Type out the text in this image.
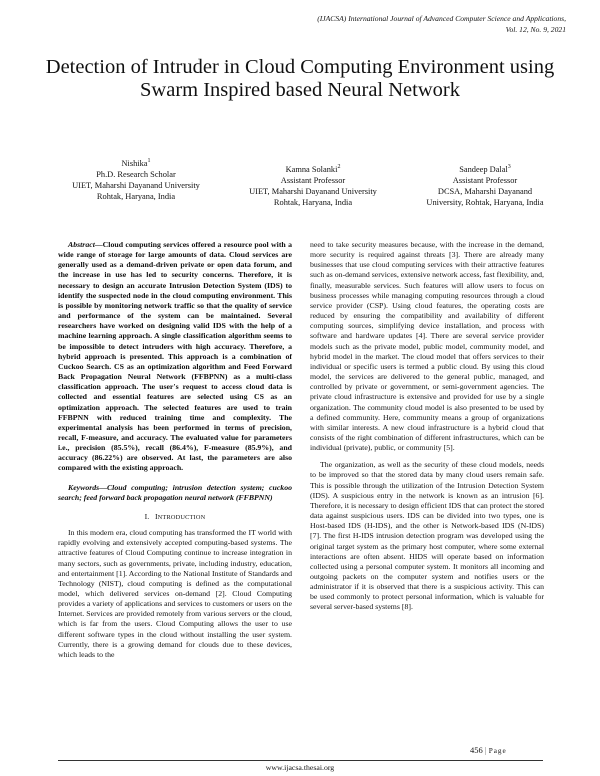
(IJACSA) International Journal of Advanced Computer Science and Applications,
Vol. 12, No. 9, 2021
Detection of Intruder in Cloud Computing Environment using Swarm Inspired based Neural Network
Nishika$^1$
Ph.D. Research Scholar
UIET, Maharshi Dayanand University
Rohtak, Haryana, India
Kamna Solanki$^2$
Assistant Professor
UIET, Maharshi Dayanand University
Rohtak, Haryana, India
Sandeep Dalal$^3$
Assistant Professor
DCSA, Maharshi Dayanand
University, Rohtak, Haryana, India

Abstract—Cloud computing services offered a resource pool with a wide range of storage for large amounts of data. Cloud services are generally used as a demand-driven private or open data forum, and the increase in use has led to security concerns. Therefore, it is necessary to design an accurate Intrusion Detection System (IDS) to identify the suspected node in the cloud computing environment. This is possible by monitoring network traffic so that the quality of service and performance of the system can be maintained. Several researchers have worked on designing valid IDS with the help of a machine learning approach. A single classification algorithm seems to be impossible to detect intruders with high accuracy. Therefore, a hybrid approach is presented. This approach is a combination of Cuckoo Search. CS as an optimization algorithm and Feed Forward Back Propagation Neural Network (FFBPNN) as a multi-class classification approach. The user's request to access cloud data is collected and essential features are selected using CS as an optimization approach. The selected features are used to train FFBPNN with reduced training time and complexity. The experimental analysis has been performed in terms of precision, recall, F-measure, and accuracy. The evaluated value for parameters i.e., precision (85.5%), recall (86.4%), F-measure (85.9%), and accuracy (86.22%) are observed. At last, the parameters are also compared with the existing approach.

Keywords—Cloud computing; intrusion detection system; cuckoo search; feed forward back propagation neural network (FFBPNN)

I. INTRODUCTION

In this modern era, cloud computing has transformed the IT world with rapidly evolving and extensively accepted computing-based systems. The attractive features of Cloud Computing continue to increase integration in many sectors, such as governments, private, including industry, education, and entertainment [1]. According to the National Institute of Standards and Technology (NIST), cloud computing is defined as the computational model, which delivered services on-demand [2]. Cloud Computing provides a variety of applications and services to customers or users on the Internet. Services are provided remotely from various servers or the cloud, which is far from the users. Cloud Computing allows the user to use different software types in the cloud without installing the user system. Currently, there is a growing demand for clouds due to these devices, which leads to the

need to take security measures because, with the increase in the demand, more security is required against threats [3]. There are already many businesses that use cloud computing services with their attractive features such as on-demand services, extensive network access, fast flexibility, and, finally, measurable services. Such features will allow users to focus on business processes while managing computing resources through a cloud service provider (CSP). Using cloud features, the operating costs are reduced by ensuring the compatibility and availability of different computing sources, simplifying device installation, and process with software and hardware updates [4]. There are several service provider models such as the private model, public model, community model, and hybrid model in the market. The cloud model that offers services to their individual or specific users is termed a public cloud. By using this cloud model, the services are delivered to the general public, managed, and controlled by private or government, or semi-government agencies. The private cloud infrastructure is extensive and provided for use by a single organization. The community cloud model is also presented to be used by a defined community. Here, community means a group of organizations with similar interests. A new cloud infrastructure is a hybrid cloud that consists of the right combination of different infrastructures, which can be individual (private), public, or community [5].

The organization, as well as the security of these cloud models, needs to be improved so that the stored data by many cloud users remain safe. This is possible through the utilization of the Intrusion Detection System (IDS). A suspicious entry in the network is known as an intrusion [6]. Therefore, it is necessary to design efficient IDS that can protect the stored data against suspicious users. IDS can be divided into two types, one is Host-based IDS (H-IDS), and the other is Network-based IDS (N-IDS) [7]. The first H-IDS intrusion detection program was developed using the original target system as the primary host computer, where some external interactions are often absent. HIDS will operate based on information collected using a personal computer system. It monitors all incoming and outgoing packets on the computer system and notifies users or the administrator if it is observed that there is a suspicious activity. This can be used commonly to protect personal information, which is valuable for several server-based systems [8].

456 | Page
www.ijacsa.thesai.org
